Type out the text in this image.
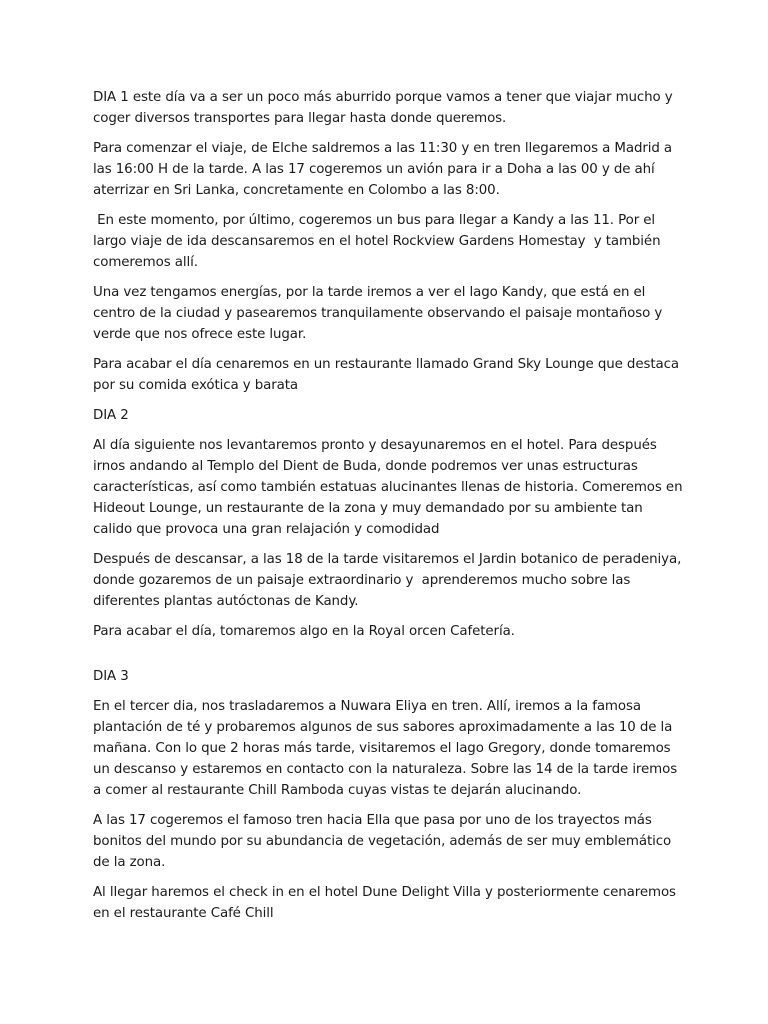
DIA 1 este día va a ser un poco más aburrido porque vamos a tener que viajar mucho y coger diversos transportes para llegar hasta donde queremos.

Para comenzar el viaje, de Elche saldremos a las 11:30 y en tren llegaremos a Madrid a las 16:00 H de la tarde. A las 17 cogeremos un avión para ir a Doha a las 00 y de ahí aterrizar en Sri Lanka, concretamente en Colombo a las 8:00.

En este momento, por último, cogeremos un bus para llegar a Kandy a las 11. Por el largo viaje de ida descansaremos en el hotel Rockview Gardens Homestay  y también comeremos allí.

Una vez tengamos energías, por la tarde iremos a ver el lago Kandy, que está en el centro de la ciudad y pasearemos tranquilamente observando el paisaje montañoso y verde que nos ofrece este lugar.

Para acabar el día cenaremos en un restaurante llamado Grand Sky Lounge que destaca por su comida exótica y barata

DIA 2

Al día siguiente nos levantaremos pronto y desayunaremos en el hotel. Para después irnos andando al Templo del Dient de Buda, donde podremos ver unas estructuras características, así como también estatuas alucinantes llenas de historia. Comeremos en Hideout Lounge, un restaurante de la zona y muy demandado por su ambiente tan calido que provoca una gran relajación y comodidad

Después de descansar, a las 18 de la tarde visitaremos el Jardin botanico de peradeniya,  donde gozaremos de un paisaje extraordinario y  aprenderemos mucho sobre las diferentes plantas autóctonas de Kandy.

Para acabar el día, tomaremos algo en la Royal orcen Cafetería.

DIA 3

En el tercer dia, nos trasladaremos a Nuwara Eliya en tren. Allí, iremos a la famosa plantación de té y probaremos algunos de sus sabores aproximadamente a las 10 de la mañana. Con lo que 2 horas más tarde, visitaremos el lago Gregory, donde tomaremos un descanso y estaremos en contacto con la naturaleza. Sobre las 14 de la tarde iremos a comer al restaurante Chill Ramboda cuyas vistas te dejarán alucinando.

A las 17 cogeremos el famoso tren hacia Ella que pasa por uno de los trayectos más bonitos del mundo por su abundancia de vegetación, además de ser muy emblemático de la zona.

Al llegar haremos el check in en el hotel Dune Delight Villa y posteriormente cenaremos en el restaurante Café Chill
